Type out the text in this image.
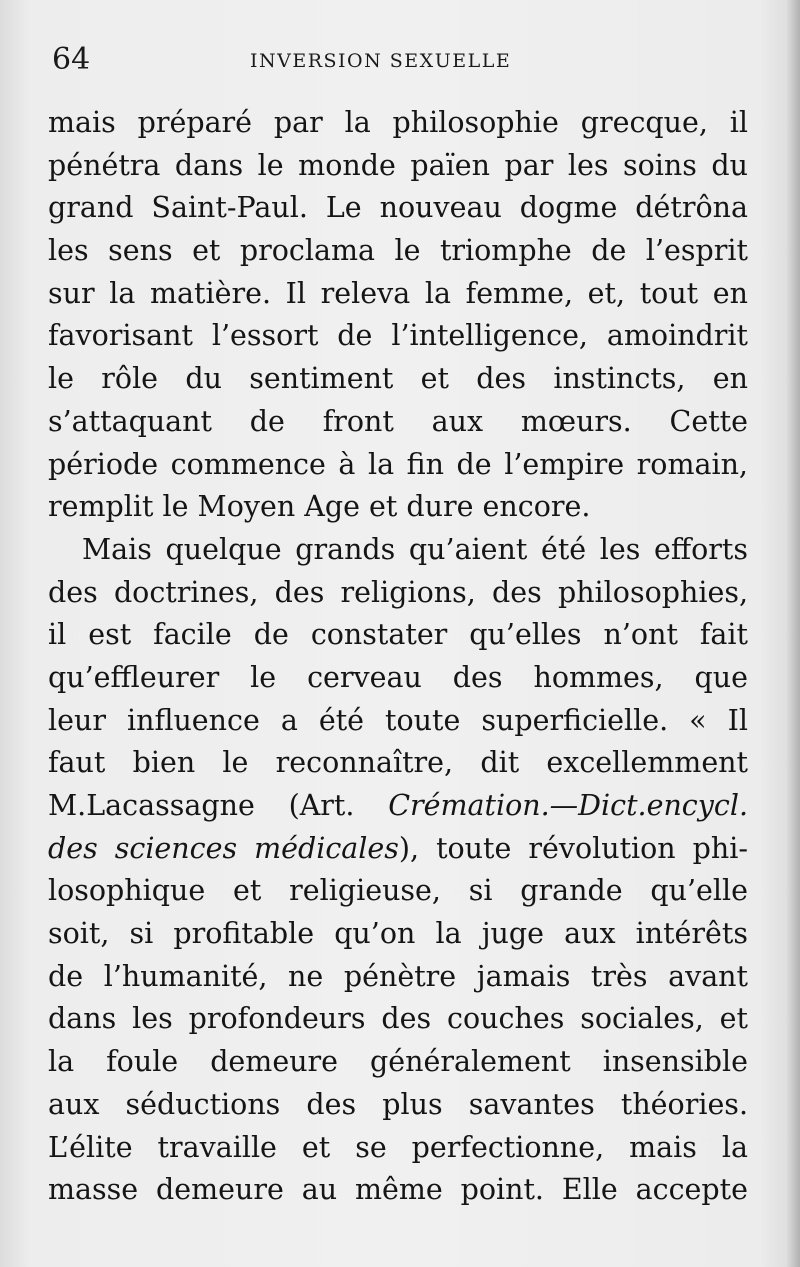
64	INVERSION SEXUELLE
mais préparé par la philosophie grecque, il
pénétra dans le monde païen par les soins du
grand Saint-Paul. Le nouveau dogme détrôna
les sens et proclama le triomphe de l’esprit
sur la matière. Il releva la femme, et, tout en
favorisant l’essort de l’intelligence, amoindrit
le rôle du sentiment et des instincts, en
s’attaquant de front aux mœurs. Cette
période commence à la fin de l’empire romain,
remplit le Moyen Age et dure encore.
Mais quelque grands qu’aient été les efforts
des doctrines, des religions, des philosophies,
il est facile de constater qu’elles n’ont fait
qu’effleurer le cerveau des hommes, que
leur influence a été toute superficielle. « Il
faut bien le reconnaître, dit excellemment
M.Lacassagne (Art. Crémation.—Dict.encycl.
des sciences médicales), toute révolution phi-
losophique et religieuse, si grande qu’elle
soit, si profitable qu’on la juge aux intérêts
de l’humanité, ne pénètre jamais très avant
dans les profondeurs des couches sociales, et
la foule demeure généralement insensible
aux séductions des plus savantes théories.
L’élite travaille et se perfectionne, mais la
masse demeure au même point. Elle accepte
